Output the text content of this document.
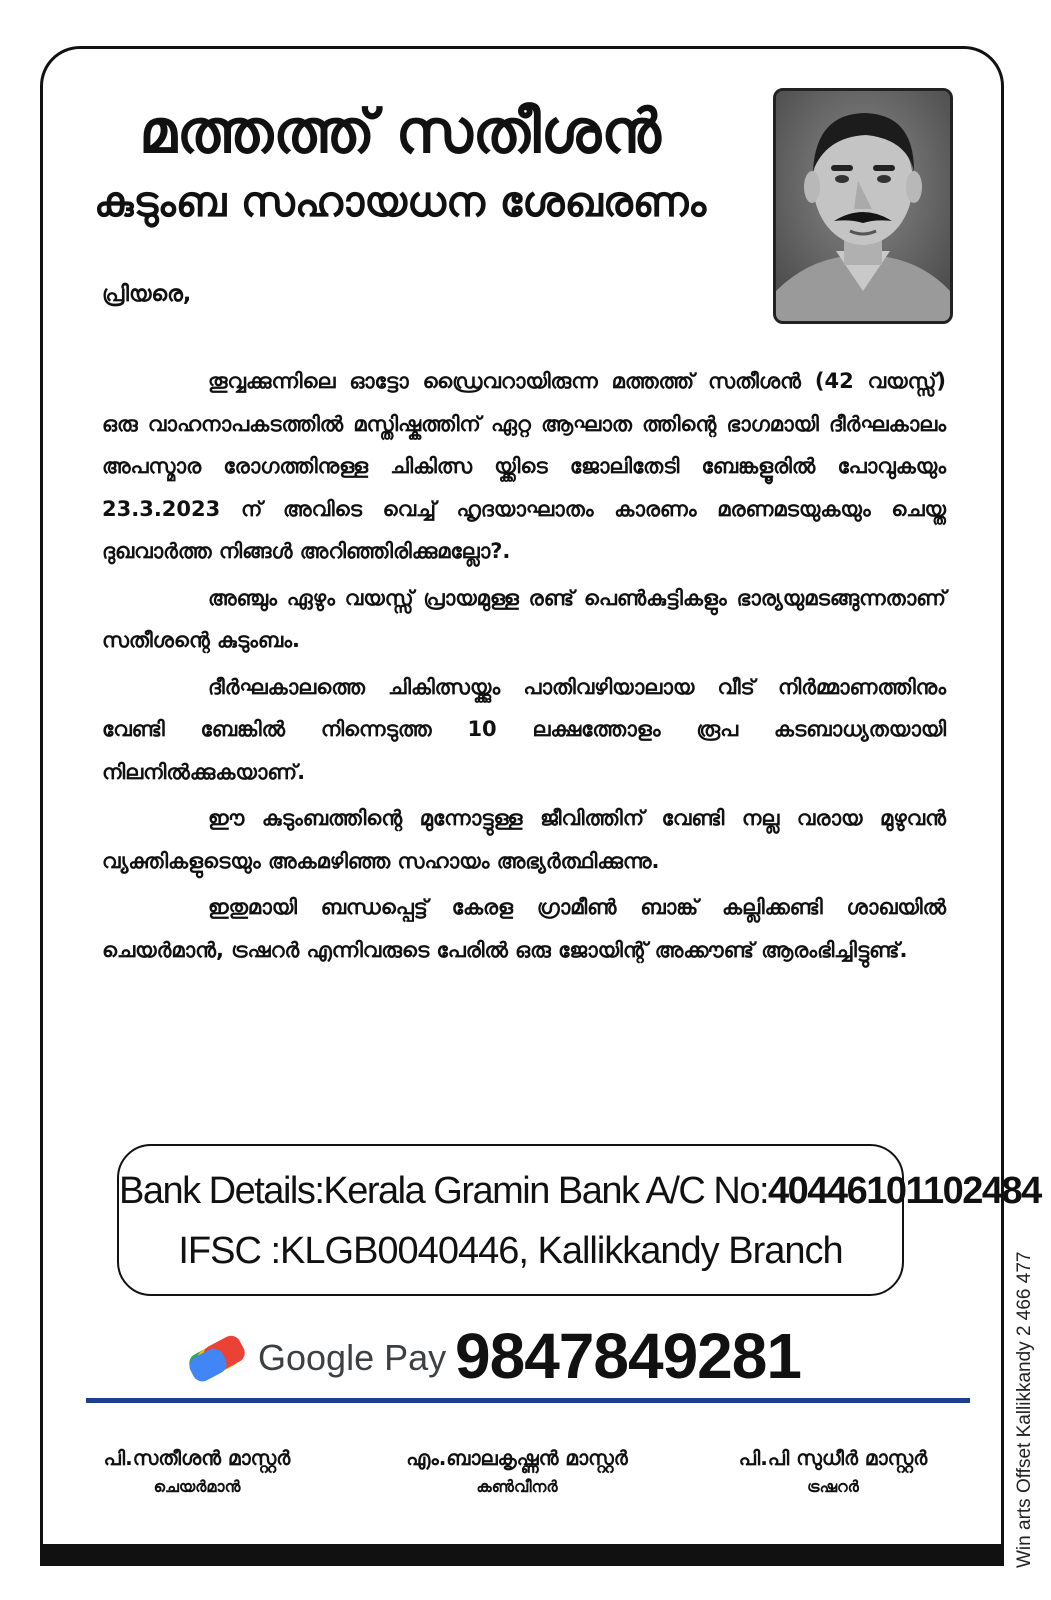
മത്തത്ത് സതീശൻ
കുടുംബ സഹായധന ശേഖരണം
പ്രിയരെ,

തൂവ്വക്കുന്നിലെ ഓട്ടോ ഡ്രൈവറായിരുന്ന മത്തത്ത് സതീശൻ (42 വയസ്സ്) ഒരു വാഹനാപകടത്തിൽ മസ്തിഷ്കത്തിന് ഏറ്റ ആഘാത ത്തിന്റെ ഭാഗമായി ദീർഘകാലം അപസ്മാര രോഗത്തിനുള്ള ചികിത്സ യ്ക്കിടെ ജോലിതേടി ബേങ്കളൂരിൽ പോവുകയും 23.3.2023 ന് അവിടെ വെച്ച് ഹൃദയാഘാതം കാരണം മരണമടയുകയും ചെയ്ത ദുഖവാർത്ത നിങ്ങൾ അറിഞ്ഞിരിക്കുമല്ലോ?.

അഞ്ചും ഏഴും വയസ്സ് പ്രായമുള്ള രണ്ട് പെൺകുട്ടികളും ഭാര്യയുമടങ്ങുന്നതാണ് സതീശന്റെ കുടുംബം.

ദീർഘകാലത്തെ ചികിത്സയ്ക്കും പാതിവഴിയാലായ വീട് നിർമ്മാണത്തിനും വേണ്ടി ബേങ്കിൽ നിന്നെടുത്ത 10 ലക്ഷത്തോളം രൂപ കടബാധ്യതയായി നിലനിൽക്കുകയാണ്.

ഈ കുടുംബത്തിന്റെ മുന്നോട്ടുള്ള ജീവിത്തിന് വേണ്ടി നല്ല വരായ മുഴുവൻ വ്യക്തികളുടെയും അകമഴിഞ്ഞ സഹായം അഭ്യർത്ഥിക്കുന്നു.

ഇതുമായി ബന്ധപ്പെട്ട് കേരള ഗ്രാമീൺ ബാങ്ക് കല്ലിക്കണ്ടി ശാഖയിൽ ചെയർമാൻ, ട്രഷറർ എന്നിവരുടെ പേരിൽ ഒരു ജോയിന്റ് അക്കൗണ്ട് ആരംഭിച്ചിട്ടുണ്ട്.

Bank Details:Kerala Gramin Bank A/C No:40446101102484
IFSC :KLGB0040446, Kallikkandy Branch
Google Pay 9847849281
പി.സതീശൻ മാസ്റ്റർ
ചെയർമാൻ
എം.ബാലകൃഷ്ണൻ മാസ്റ്റർ
കൺവീനർ
പി.പി സുധീർ മാസ്റ്റർ
ട്രഷറർ	Win arts Offset Kallikkandy 2 466 477
